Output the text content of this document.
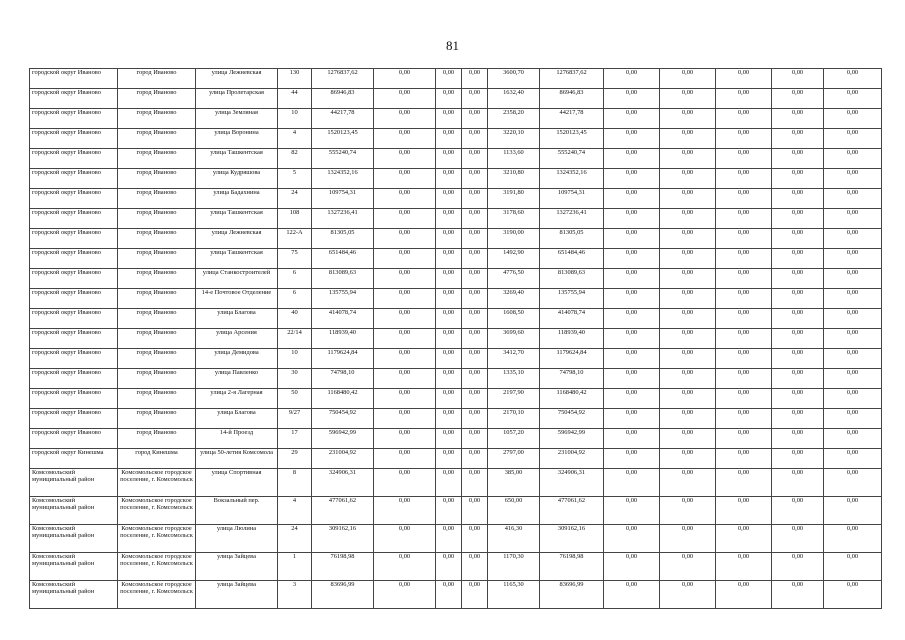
81
городской округ Иваново	город Иваново	улица Лежневская	130	1276837,62	0,00	0,00	0,00	3600,70	1276837,62	0,00	0,00	0,00	0,00	0,00
городской округ Иваново	город Иваново	улица Пролетарская	44	86946,83	0,00	0,00	0,00	1632,40	86946,83	0,00	0,00	0,00	0,00	0,00
городской округ Иваново	город Иваново	улица Земляная	10	44217,78	0,00	0,00	0,00	2358,20	44217,78	0,00	0,00	0,00	0,00	0,00
городской округ Иваново	город Иваново	улица Воронина	4	1520123,45	0,00	0,00	0,00	3220,10	1520123,45	0,00	0,00	0,00	0,00	0,00
городской округ Иваново	город Иваново	улица Ташкентская	82	555240,74	0,00	0,00	0,00	1133,60	555240,74	0,00	0,00	0,00	0,00	0,00
городской округ Иваново	город Иваново	улица Кудряшова	5	1324352,16	0,00	0,00	0,00	3210,80	1324352,16	0,00	0,00	0,00	0,00	0,00
городской округ Иваново	город Иваново	улица Бадахнина	24	109754,31	0,00	0,00	0,00	3191,80	109754,31	0,00	0,00	0,00	0,00	0,00
городской округ Иваново	город Иваново	улица Ташкентская	108	1327236,41	0,00	0,00	0,00	3178,60	1327236,41	0,00	0,00	0,00	0,00	0,00
городской округ Иваново	город Иваново	улица Лежневская	122-А	81305,05	0,00	0,00	0,00	3190,00	81305,05	0,00	0,00	0,00	0,00	0,00
городской округ Иваново	город Иваново	улица Ташкентская	75	651484,46	0,00	0,00	0,00	1492,90	651484,46	0,00	0,00	0,00	0,00	0,00
городской округ Иваново	город Иваново	улица Станкостроителей	6	813089,63	0,00	0,00	0,00	4776,50	813089,63	0,00	0,00	0,00	0,00	0,00
городской округ Иваново	город Иваново	14-е Почтовое Отделение	6	135755,94	0,00	0,00	0,00	3269,40	135755,94	0,00	0,00	0,00	0,00	0,00
городской округ Иваново	город Иваново	улица Благова	40	414078,74	0,00	0,00	0,00	1608,50	414078,74	0,00	0,00	0,00	0,00	0,00
городской округ Иваново	город Иваново	улица Арсения	22/14	118939,40	0,00	0,00	0,00	3699,60	118939,40	0,00	0,00	0,00	0,00	0,00
городской округ Иваново	город Иваново	улица Демидова	10	1179624,84	0,00	0,00	0,00	3412,70	1179624,84	0,00	0,00	0,00	0,00	0,00
городской округ Иваново	город Иваново	улица Павленко	30	74798,10	0,00	0,00	0,00	1335,10	74798,10	0,00	0,00	0,00	0,00	0,00
городской округ Иваново	город Иваново	улица 2-я Лагерная	50	1168480,42	0,00	0,00	0,00	2197,90	1168480,42	0,00	0,00	0,00	0,00	0,00
городской округ Иваново	город Иваново	улица Благова	9/27	750454,92	0,00	0,00	0,00	2170,10	750454,92	0,00	0,00	0,00	0,00	0,00
городской округ Иваново	город Иваново	14-й Проезд	17	596942,99	0,00	0,00	0,00	1057,20	596942,99	0,00	0,00	0,00	0,00	0,00
городской округ Кинешма	город Кинешма	улица 50-летия Комсомола	29	231004,92	0,00	0,00	0,00	2797,00	231004,92	0,00	0,00	0,00	0,00	0,00
Комсомольский муниципальный район	Комсомольское городское поселение, г. Комсомольск	улица Спортивная	8	324906,31	0,00	0,00	0,00	385,00	324906,31	0,00	0,00	0,00	0,00	0,00
Комсомольский муниципальный район	Комсомольское городское поселение, г. Комсомольск	Вокзальный пер.	4	477061,62	0,00	0,00	0,00	650,00	477061,62	0,00	0,00	0,00	0,00	0,00
Комсомольский муниципальный район	Комсомольское городское поселение, г. Комсомольск	улица Люлина	24	309162,16	0,00	0,00	0,00	416,30	309162,16	0,00	0,00	0,00	0,00	0,00
Комсомольский муниципальный район	Комсомольское городское поселение, г. Комсомольск	улица Зайцева	1	76198,98	0,00	0,00	0,00	1170,30	76198,98	0,00	0,00	0,00	0,00	0,00
Комсомольский муниципальный район	Комсомольское городское поселение, г. Комсомольск	улица Зайцева	3	83696,99	0,00	0,00	0,00	1165,30	83696,99	0,00	0,00	0,00	0,00	0,00
